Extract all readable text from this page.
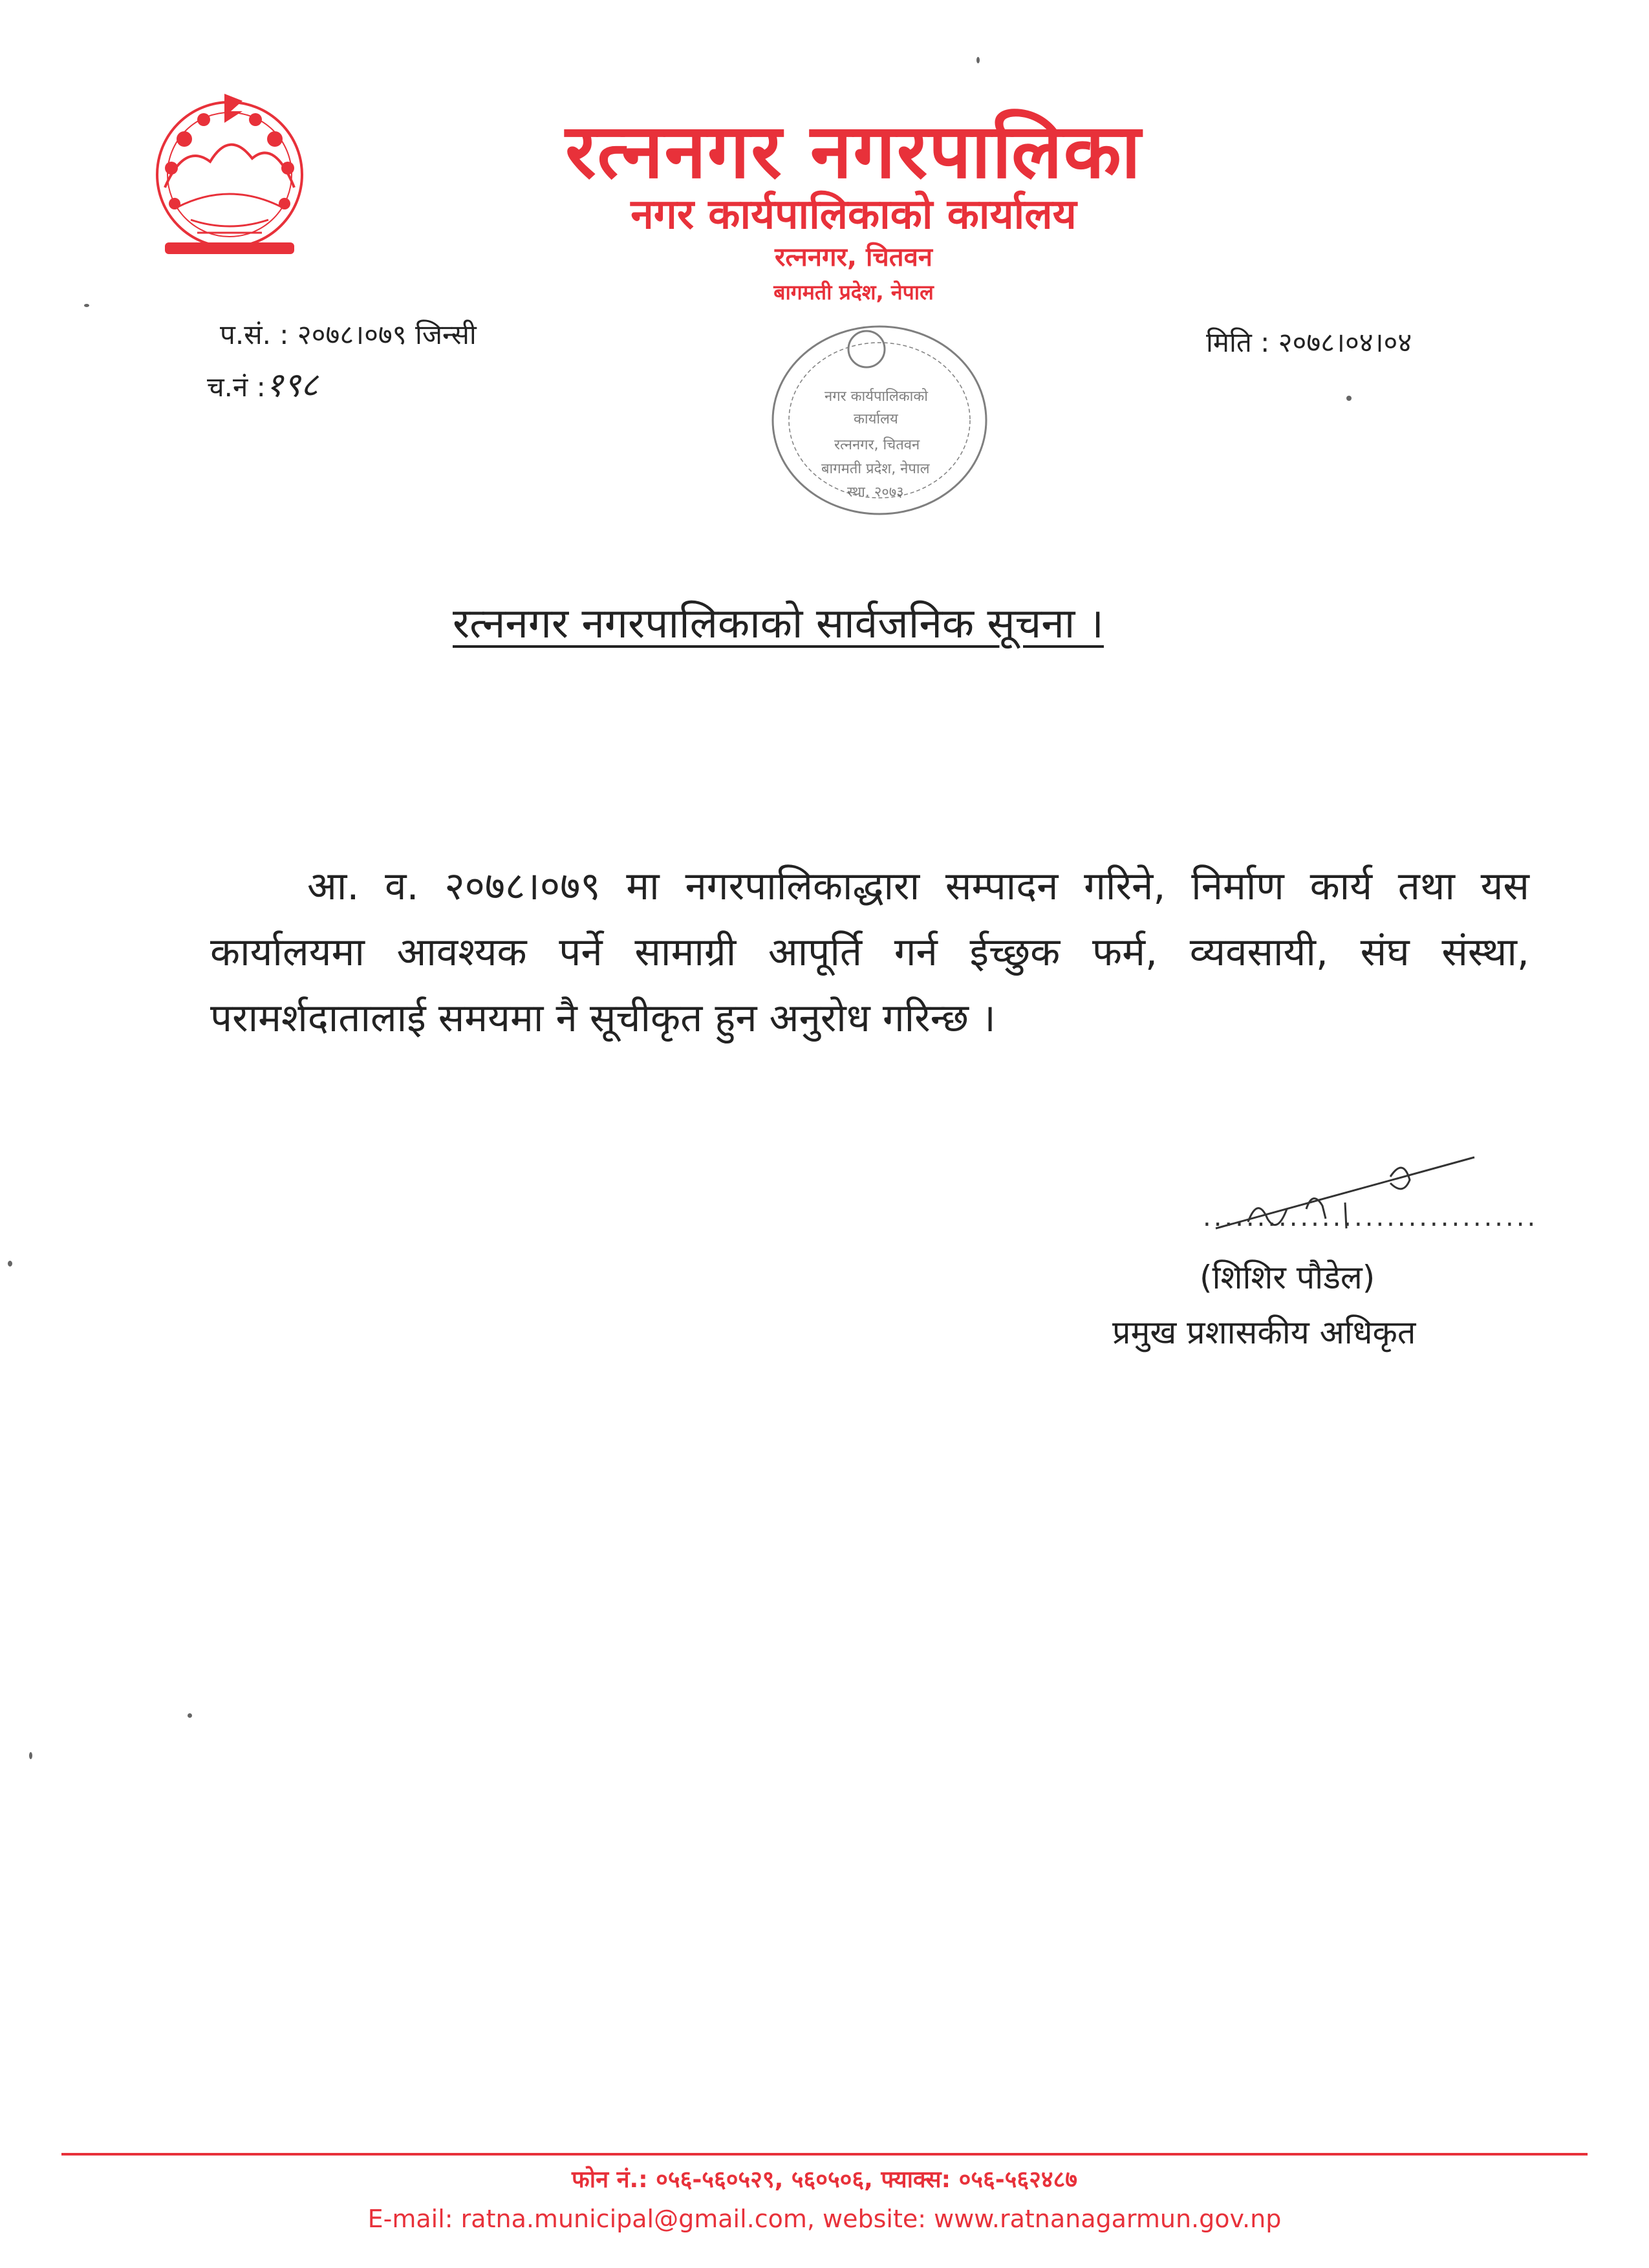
रत्ननगर नगरपालिका
नगर कार्यपालिकाको कार्यालय
रत्ननगर, चितवन
बागमती प्रदेश, नेपाल
प.सं. : २०७८।०७९ जिन्सी
च.नं :१९८
मिति : २०७८।०४।०४
नगर कार्यपालिकाको
कार्यालय
रत्ननगर, चितवन
बागमती प्रदेश, नेपाल
स्था. २०७३
रत्ननगर नगरपालिकाको सार्वजनिक सूचना ।
आ. व. २०७८।०७९ मा नगरपालिकाद्धारा सम्पादन गरिने, निर्माण कार्य तथा यस कार्यालयमा आवश्यक पर्ने सामाग्री आपूर्ति गर्न ईच्छुक फर्म, व्यवसायी, संघ संस्था, परामर्शदातालाई समयमा नै सूचीकृत हुन अनुरोध गरिन्छ ।
...............................
(शिशिर पौडेल)
प्रमुख प्रशासकीय अधिकृत
फोन नं.: ०५६-५६०५२९, ५६०५०६, फ्याक्स: ०५६-५६२४८७
E-mail: ratna.municipal@gmail.com, website: www.ratnanagarmun.gov.np
